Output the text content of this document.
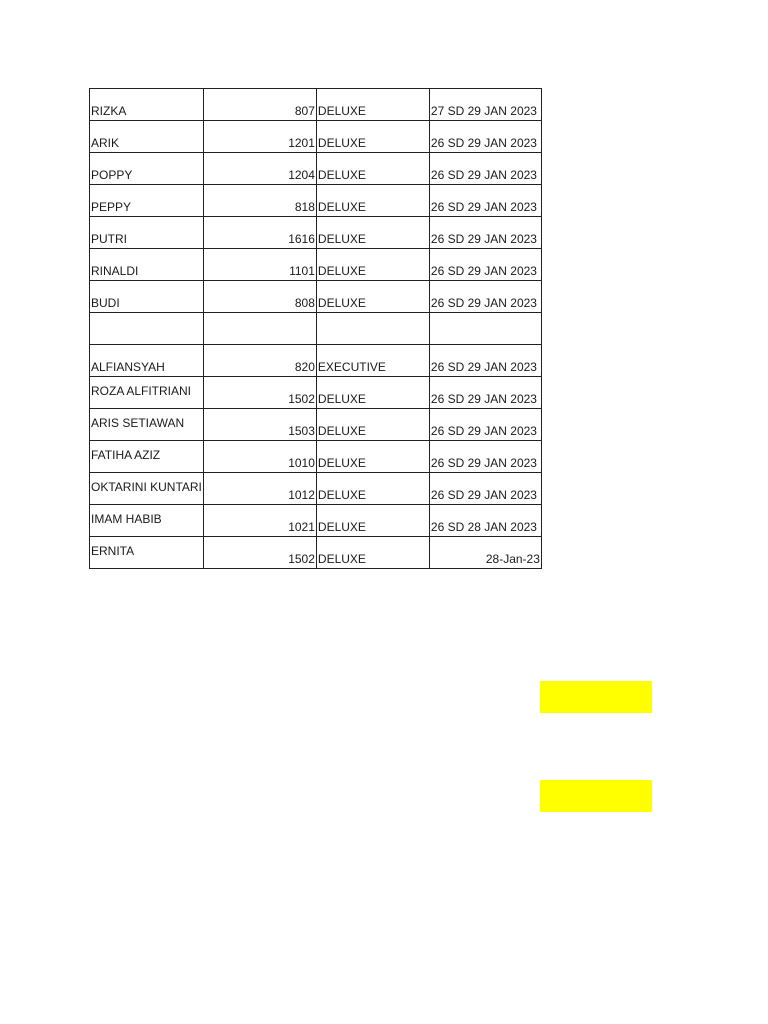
RIZKA	807	DELUXE	27 SD 29 JAN 2023
ARIK	1201	DELUXE	26 SD 29 JAN 2023
POPPY	1204	DELUXE	26 SD 29 JAN 2023
PEPPY	818	DELUXE	26 SD 29 JAN 2023
PUTRI	1616	DELUXE	26 SD 29 JAN 2023
RINALDI	1101	DELUXE	26 SD 29 JAN 2023
BUDI	808	DELUXE	26 SD 29 JAN 2023

ALFIANSYAH	820	EXECUTIVE	26 SD 29 JAN 2023
ROZA ALFITRIANI	1502	DELUXE	26 SD 29 JAN 2023
ARIS SETIAWAN	1503	DELUXE	26 SD 29 JAN 2023
FATIHA AZIZ	1010	DELUXE	26 SD 29 JAN 2023
OKTARINI KUNTARI	1012	DELUXE	26 SD 29 JAN 2023
IMAM HABIB	1021	DELUXE	26 SD 28 JAN 2023
ERNITA	1502	DELUXE	28-Jan-23
